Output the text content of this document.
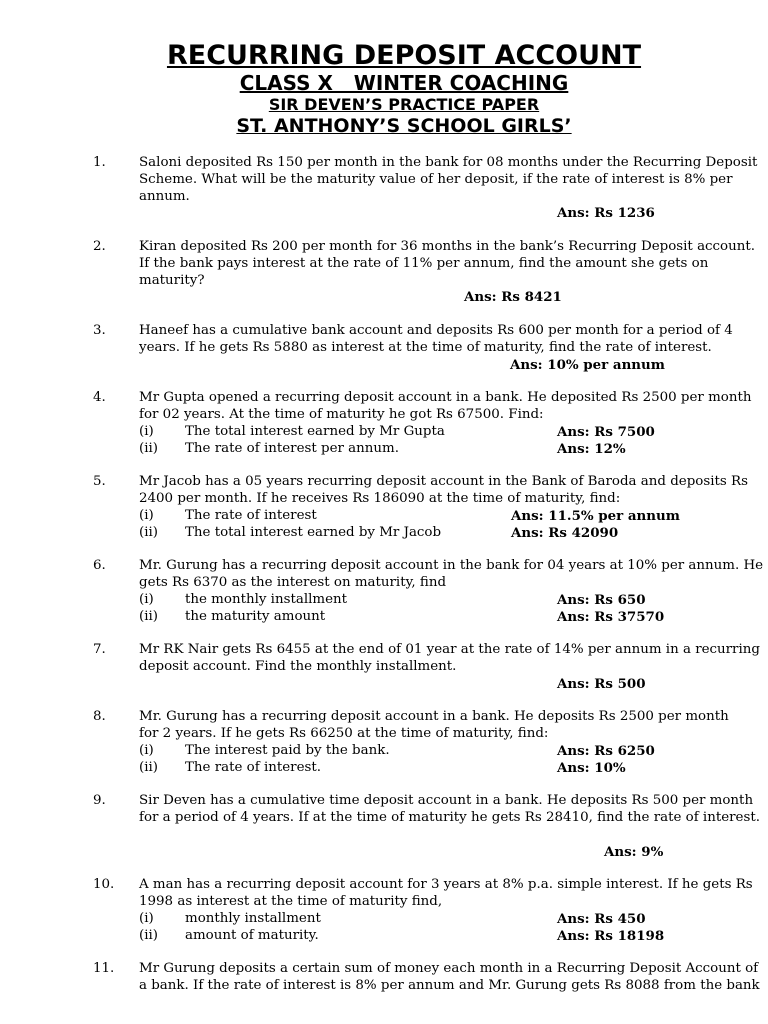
RECURRING DEPOSIT ACCOUNT
CLASS X   WINTER COACHING
SIR DEVEN’S PRACTICE PAPER
ST. ANTHONY’S SCHOOL GIRLS’
1. Saloni deposited Rs 150 per month in the bank for 08 months under the Recurring Deposit
Scheme. What will be the maturity value of her deposit, if the rate of interest is 8% per
annum.
Ans: Rs 1236
2. Kiran deposited Rs 200 per month for 36 months in the bank’s Recurring Deposit account.
If the bank pays interest at the rate of 11% per annum, find the amount she gets on
maturity?
Ans: Rs 8421
3. Haneef has a cumulative bank account and deposits Rs 600 per month for a period of 4
years. If he gets Rs 5880 as interest at the time of maturity, find the rate of interest.
Ans: 10% per annum
4. Mr Gupta opened a recurring deposit account in a bank. He deposited Rs 2500 per month
for 02 years. At the time of maturity he got Rs 67500. Find:
(i) The total interest earned by Mr Gupta	Ans: Rs 7500
(ii) The rate of interest per annum.	Ans: 12%
5. Mr Jacob has a 05 years recurring deposit account in the Bank of Baroda and deposits Rs
2400 per month. If he receives Rs 186090 at the time of maturity, find:
(i) The rate of interest	Ans: 11.5% per annum
(ii) The total interest earned by Mr Jacob	Ans: Rs 42090
6. Mr. Gurung has a recurring deposit account in the bank for 04 years at 10% per annum. He
gets Rs 6370 as the interest on maturity, find
(i) the monthly installment	Ans: Rs 650
(ii) the maturity amount	Ans: Rs 37570
7. Mr RK Nair gets Rs 6455 at the end of 01 year at the rate of 14% per annum in a recurring
deposit account. Find the monthly installment.
Ans: Rs 500
8. Mr. Gurung has a recurring deposit account in a bank. He deposits Rs 2500 per month
for 2 years. If he gets Rs 66250 at the time of maturity, find:
(i) The interest paid by the bank.	Ans: Rs 6250
(ii) The rate of interest.	Ans: 10%
9. Sir Deven has a cumulative time deposit account in a bank. He deposits Rs 500 per month
for a period of 4 years. If at the time of maturity he gets Rs 28410, find the rate of interest.
Ans: 9%
10. A man has a recurring deposit account for 3 years at 8% p.a. simple interest. If he gets Rs
1998 as interest at the time of maturity find,
(i) monthly installment	Ans: Rs 450
(ii) amount of maturity.	Ans: Rs 18198
11. Mr Gurung deposits a certain sum of money each month in a Recurring Deposit Account of
a bank. If the rate of interest is 8% per annum and Mr. Gurung gets Rs 8088 from the bank
